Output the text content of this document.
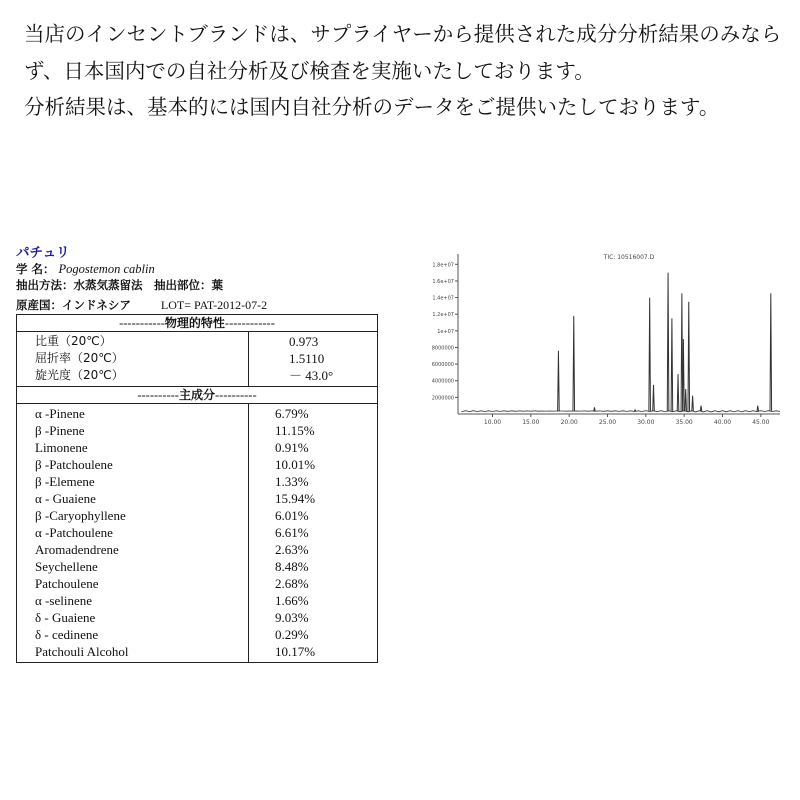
当店のインセントブランドは、サプライヤーから提供された成分分析結果のみならず、日本国内での自社分析及び検査を実施いたしております。

分析結果は、基本的には国内自社分析のデータをご提供いたしております。

パチュリ
学 名： Pogostemon cablin
抽出方法：水蒸気蒸留法　抽出部位：葉
原産国：インドネシア	LOT= PAT-2012-07-2
-----------物理的特性------------
比重（20℃）	0.973
屈折率（20℃）	1.5110
旋光度（20℃）	－ 43.0°
----------主成分----------
α -Pinene	6.79%
β -Pinene	11.15%
Limonene	0.91%
β -Patchoulene	10.01%
β -Elemene	1.33%
α - Guaiene	15.94%
β -Caryophyllene	6.01%
α -Patchoulene	6.61%
Aromadendrene	2.63%
Seychellene	8.48%
Patchoulene	2.68%
α -selinene	1.66%
δ - Guaiene	9.03%
δ - cedinene	0.29%
Patchouli Alcohol	10.17%
1.8e+07
1.6e+07
1.4e+07
1.2e+07
1e+07
8000000
6000000
4000000
2000000
10.00	15.00	20.00	25.00	30.00	35.00	40.00	45.00
TIC: 10516007.D
